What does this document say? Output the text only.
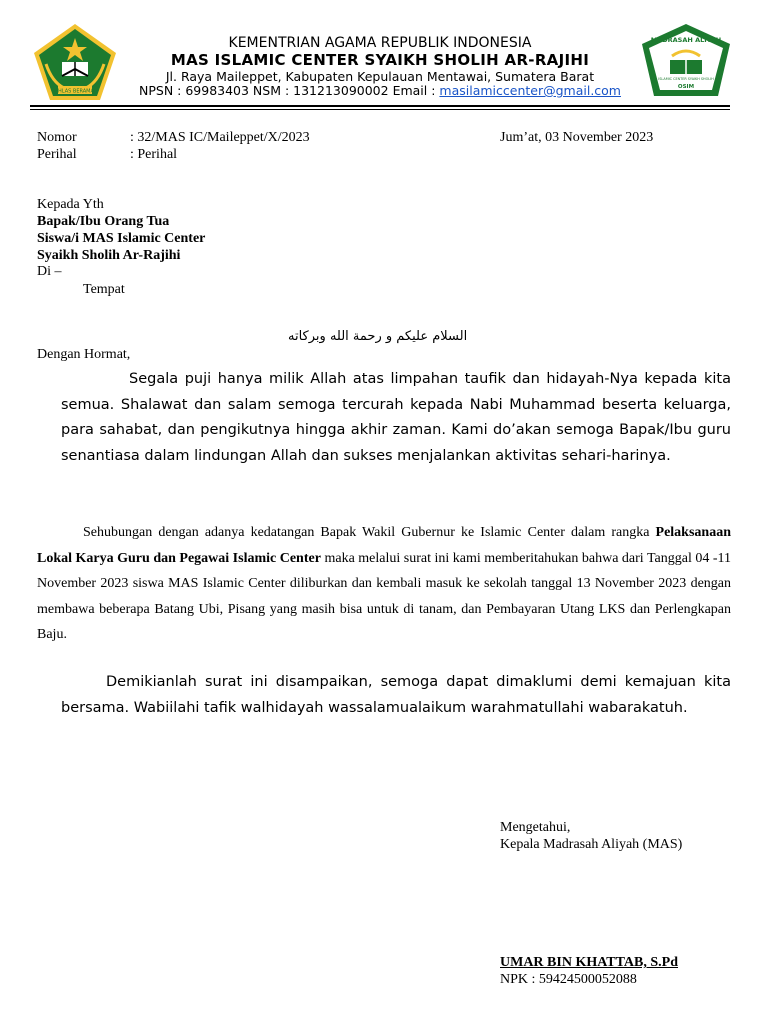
IKHLAS BERAMAL
MADRASAH ALIYAH
ISLAMIC CENTER SYAIKH SHOLIH
OSIM
KEMENTRIAN AGAMA REPUBLIK INDONESIA
MAS ISLAMIC CENTER SYAIKH SHOLIH AR-RAJIHI
Jl. Raya Maileppet, Kabupaten Kepulauan Mentawai, Sumatera Barat
NPSN : 69983403 NSM : 131213090002 Email : masilamiccenter@gmail.com
Nomor	: 32/MAS IC/Maileppet/X/2023	Jum’at, 03 November 2023
Perihal	: Perihal
Kepada Yth
Bapak/Ibu Orang Tua
Siswa/i MAS Islamic Center
Syaikh Sholih Ar-Rajihi
Di –
Tempat
السلام عليكم و رحمة الله وبركاته
Dengan Hormat,
Segala puji hanya milik Allah atas limpahan taufik dan hidayah-Nya kepada kita semua. Shalawat dan salam semoga tercurah kepada Nabi Muhammad beserta keluarga, para sahabat, dan pengikutnya hingga akhir zaman. Kami do’akan semoga Bapak/Ibu guru senantiasa dalam lindungan Allah dan sukses menjalankan aktivitas sehari-harinya.
Sehubungan dengan adanya kedatangan Bapak Wakil Gubernur ke Islamic Center dalam rangka Pelaksanaan Lokal Karya Guru dan Pegawai Islamic Center maka melalui surat ini kami memberitahukan bahwa dari Tanggal 04 -11 November 2023 siswa MAS Islamic Center diliburkan dan kembali masuk ke sekolah tanggal 13 November 2023 dengan membawa beberapa Batang Ubi, Pisang yang masih bisa untuk di tanam, dan Pembayaran Utang LKS dan Perlengkapan Baju.
Demikianlah surat ini disampaikan, semoga dapat dimaklumi demi kemajuan kita bersama. Wabiilahi tafik walhidayah wassalamualaikum warahmatullahi wabarakatuh.
Mengetahui,
Kepala Madrasah Aliyah (MAS)
UMAR BIN KHATTAB, S.Pd
NPK : 59424500052088
